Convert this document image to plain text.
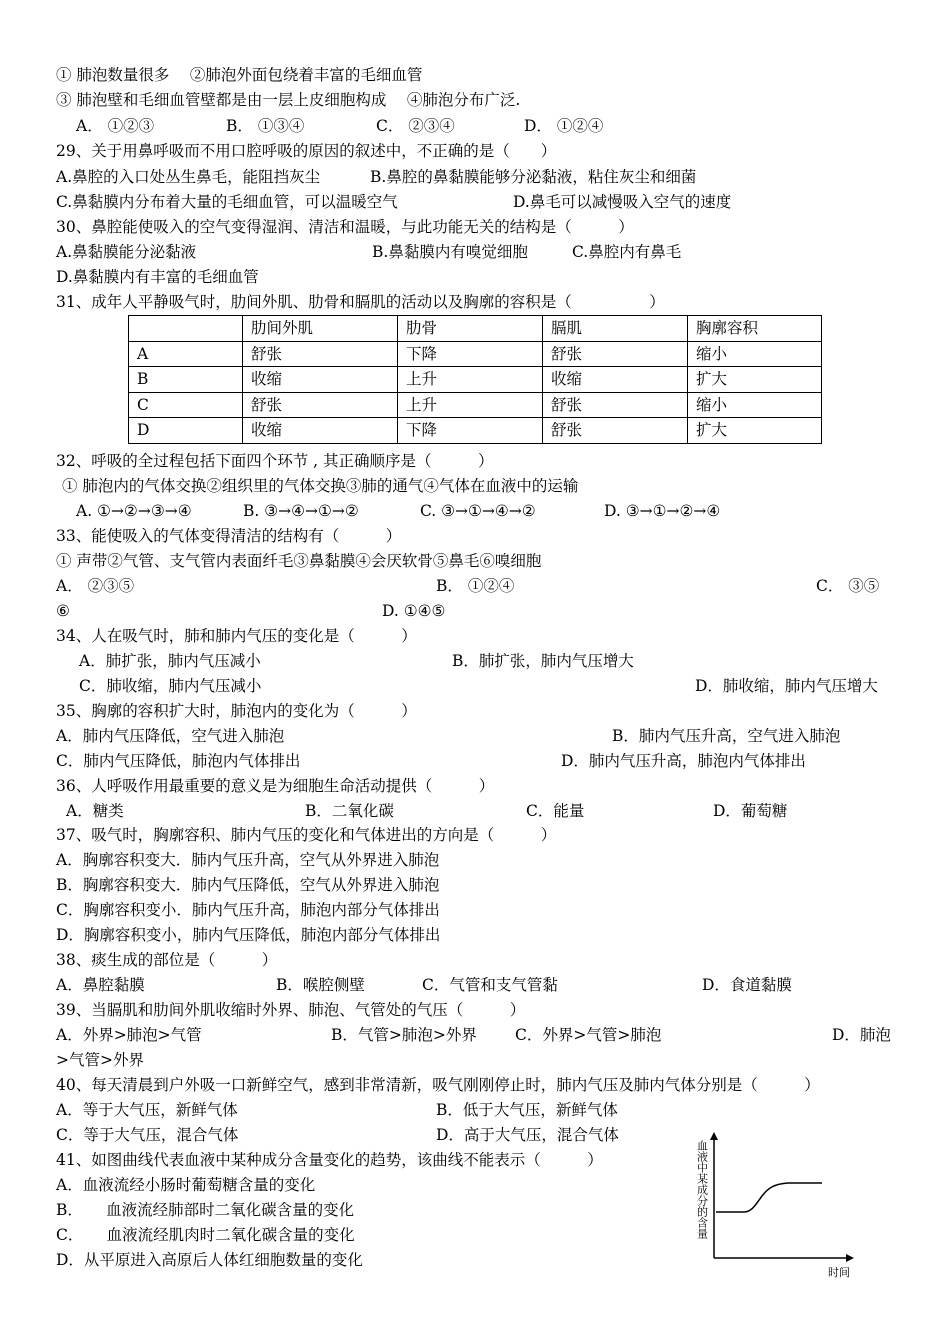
① 肺泡数量很多　 ②肺泡外面包绕着丰富的毛细血管
③ 肺泡壁和毛细血管壁都是由一层上皮细胞构成　 ④肺泡分布广泛.
A． ①②③	B． ①③④	C． ②③④	D． ①②④
29、关于用鼻呼吸而不用口腔呼吸的原因的叙述中，不正确的是（　　）
A.鼻腔的入口处丛生鼻毛，能阻挡灰尘	B.鼻腔的鼻黏膜能够分泌黏液，粘住灰尘和细菌
C.鼻黏膜内分布着大量的毛细血管，可以温暖空气	D.鼻毛可以减慢吸入空气的速度
30、鼻腔能使吸入的空气变得湿润、清洁和温暖，与此功能无关的结构是（　　　）
A.鼻黏膜能分泌黏液	B.鼻黏膜内有嗅觉细胞	C.鼻腔内有鼻毛
D.鼻黏膜内有丰富的毛细血管
31、成年人平静吸气时，肋间外肌、肋骨和膈肌的活动以及胸廓的容积是（　　　　　）
	肋间外肌	肋骨	膈肌	胸廓容积
A	舒张	下降	舒张	缩小
B	收缩	上升	收缩	扩大
C	舒张	上升	舒张	缩小
D	收缩	下降	舒张	扩大
32、呼吸的全过程包括下面四个环节 , 其正确顺序是（　　　）
① 肺泡内的气体交换②组织里的气体交换③肺的通气④气体在血液中的运输
A. ①→②→③→④	B. ③→④→①→②	C. ③→①→④→②	D. ③→①→②→④
33、能使吸入的气体变得清洁的结构有（　　　）
① 声带②气管、支气管内表面纤毛③鼻黏膜④会厌软骨⑤鼻毛⑥嗅细胞
A． ②③⑤	B． ①②④	C． ③⑤
⑥	D. ①④⑤
34、人在吸气时，肺和肺内气压的变化是（　　　）
A．肺扩张，肺内气压减小	B．肺扩张，肺内气压增大
C．肺收缩，肺内气压减小	D．肺收缩，肺内气压增大
35、胸廓的容积扩大时，肺泡内的变化为（　　　）
A．肺内气压降低，空气进入肺泡	B．肺内气压升高，空气进入肺泡
C．肺内气压降低，肺泡内气体排出	D．肺内气压升高，肺泡内气体排出
36、人呼吸作用最重要的意义是为细胞生命活动提供（　　　）
A．糖类	B．二氧化碳	C．能量	D．葡萄糖
37、吸气时，胸廓容积、肺内气压的变化和气体进出的方向是（　　　）
A．胸廓容积变大．肺内气压升高，空气从外界进入肺泡
B．胸廓容积变大．肺内气压降低，空气从外界进入肺泡
C．胸廓容积变小．肺内气压升高，肺泡内部分气体排出
D．胸廓容积变小，肺内气压降低，肺泡内部分气体排出
38、痰生成的部位是（　　　）
A．鼻腔黏膜	B．喉腔侧壁	C．气管和支气管黏	D．食道黏膜
39、当膈肌和肋间外肌收缩时外界、肺泡、气管处的气压（　　　）
A．外界>肺泡>气管	B．气管>肺泡>外界 C．外界>气管>肺泡	D．肺泡
>气管>外界
40、每天清晨到户外吸一口新鲜空气，感到非常清新，吸气刚刚停止时，肺内气压及肺内气体分别是（　　　）
A．等于大气压，新鲜气体	B．低于大气压，新鲜气体
C．等于大气压，混合气体	D．高于大气压，混合气体
41、如图曲线代表血液中某种成分含量变化的趋势，该曲线不能表示（　　　）
A．血液流经小肠时葡萄糖含量的变化
B．　　血液流经肺部时二氧化碳含量的变化
C．　　血液流经肌肉时二氧化碳含量的变化
D．从平原进入高原后人体红细胞数量的变化
血液中某成分的含量
时间
